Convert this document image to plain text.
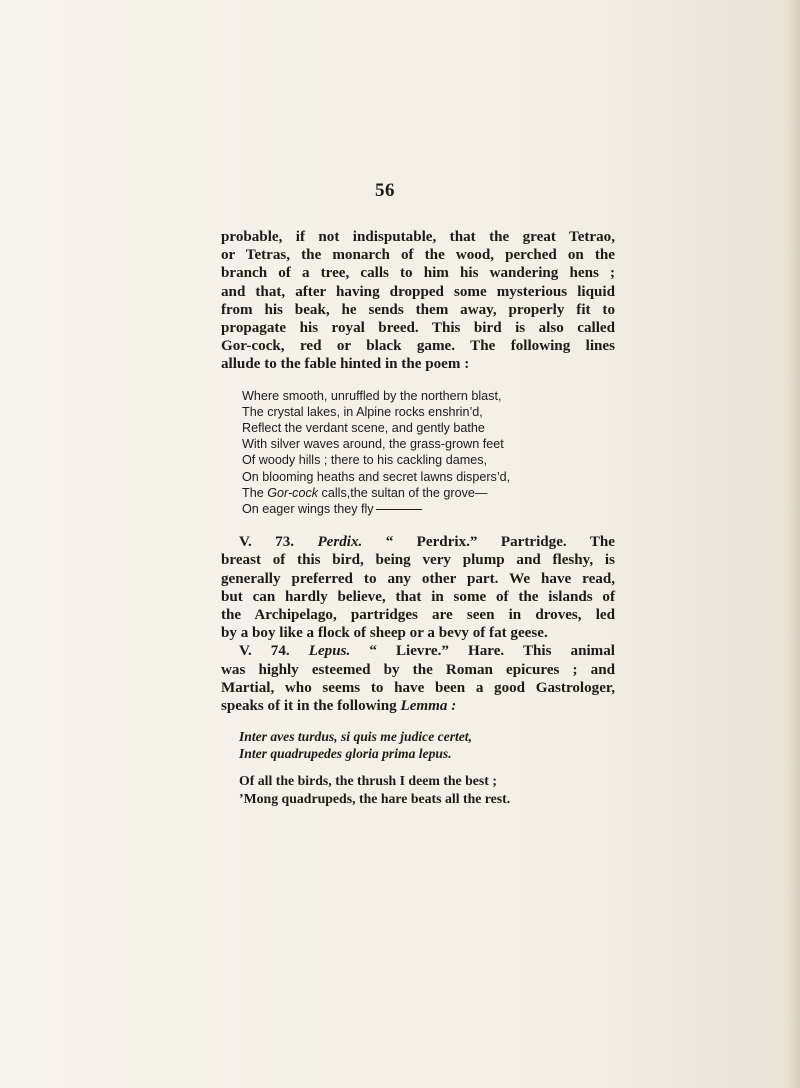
56
probable, if not indisputable, that the great Tetrao,
or Tetras, the monarch of the wood, perched on the
branch of a tree, calls to him his wandering hens ;
and that, after having dropped some mysterious liquid
from his beak, he sends them away, properly fit to
propagate his royal breed. This bird is also called
Gor-cock, red or black game. The following lines
allude to the fable hinted in the poem :
Where smooth, unruffled by the northern blast,
The crystal lakes, in Alpine rocks enshrin’d,
Reflect the verdant scene, and gently bathe
With silver waves around, the grass-grown feet
Of woody hills ; there to his cackling dames,
On blooming heaths and secret lawns dispers’d,
The Gor-cock calls,the sultan of the grove—
On eager wings they fly
V. 73. Perdix. “ Perdrix.” Partridge. The
breast of this bird, being very plump and fleshy, is
generally preferred to any other part. We have read,
but can hardly believe, that in some of the islands of
the Archipelago, partridges are seen in droves, led
by a boy like a flock of sheep or a bevy of fat geese.
V. 74. Lepus. “ Lievre.” Hare. This animal
was highly esteemed by the Roman epicures ; and
Martial, who seems to have been a good Gastrologer,
speaks of it in the following Lemma :
Inter aves turdus, si quis me judice certet,
Inter quadrupedes gloria prima lepus.
Of all the birds, the thrush I deem the best ;
’Mong quadrupeds, the hare beats all the rest.
